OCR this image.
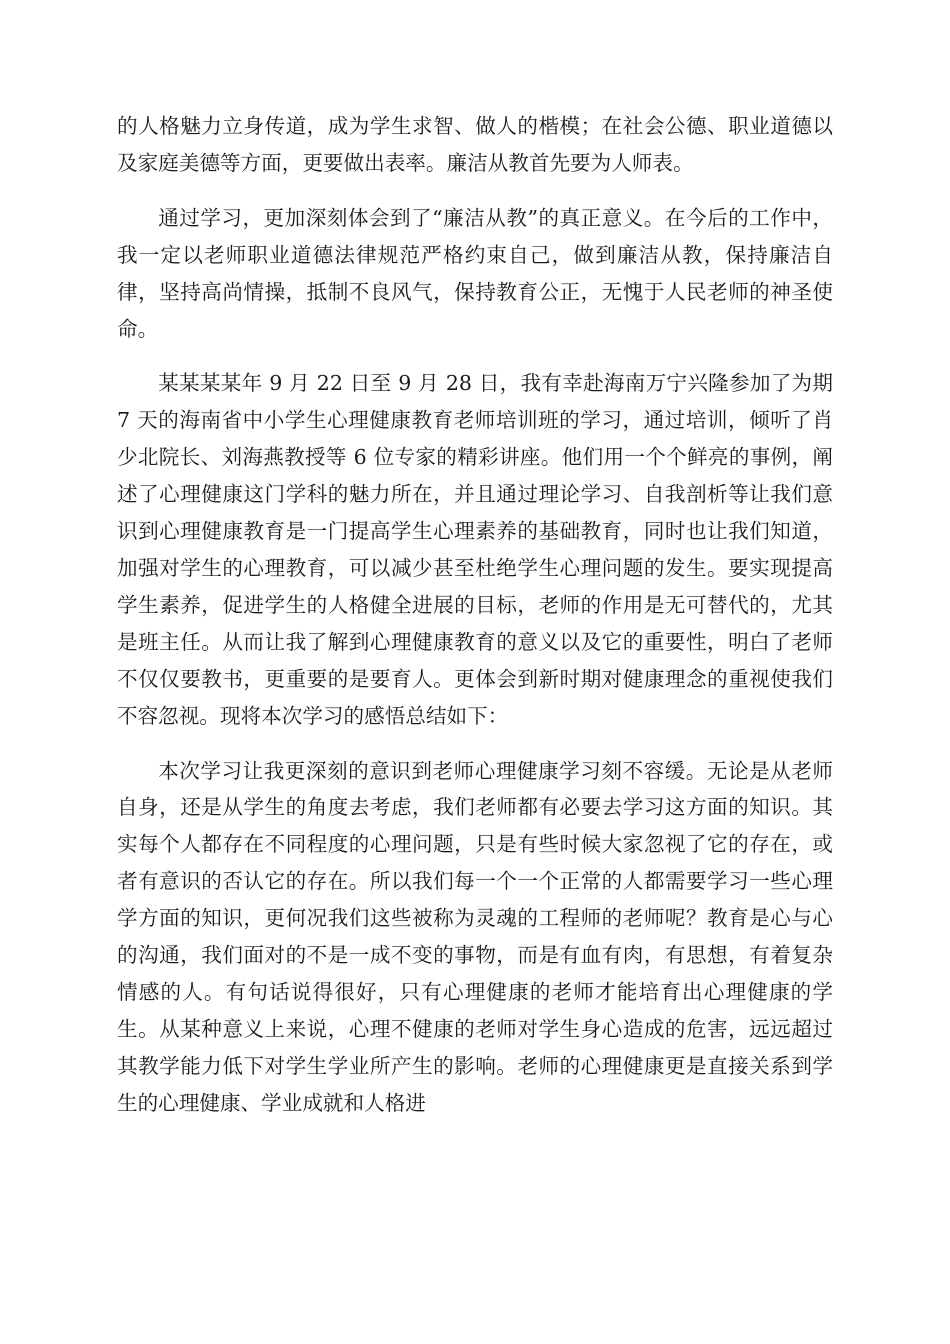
的人格魅力立身传道，成为学生求智、做人的楷模；在社会公德、职业道德以及家庭美德等方面，更要做出表率。廉洁从教首先要为人师表。

通过学习，更加深刻体会到了“廉洁从教”的真正意义。在今后的工作中，我一定以老师职业道德法律规范严格约束自己，做到廉洁从教，保持廉洁自律，坚持高尚情操，抵制不良风气，保持教育公正，无愧于人民老师的神圣使命。

某某某某年 9 月 22 日至 9 月 28 日，我有幸赴海南万宁兴隆参加了为期 7 天的海南省中小学生心理健康教育老师培训班的学习，通过培训，倾听了肖少北院长、刘海燕教授等 6 位专家的精彩讲座。他们用一个个鲜亮的事例，阐述了心理健康这门学科的魅力所在，并且通过理论学习、自我剖析等让我们意识到心理健康教育是一门提高学生心理素养的基础教育，同时也让我们知道，加强对学生的心理教育，可以减少甚至杜绝学生心理问题的发生。要实现提高学生素养，促进学生的人格健全进展的目标，老师的作用是无可替代的，尤其是班主任。从而让我了解到心理健康教育的意义以及它的重要性，明白了老师不仅仅要教书，更重要的是要育人。更体会到新时期对健康理念的重视使我们不容忽视。现将本次学习的感悟总结如下：

本次学习让我更深刻的意识到老师心理健康学习刻不容缓。无论是从老师自身，还是从学生的角度去考虑，我们老师都有必要去学习这方面的知识。其实每个人都存在不同程度的心理问题，只是有些时候大家忽视了它的存在，或者有意识的否认它的存在。所以我们每一个一个正常的人都需要学习一些心理学方面的知识，更何况我们这些被称为灵魂的工程师的老师呢？教育是心与心的沟通，我们面对的不是一成不变的事物，而是有血有肉，有思想，有着复杂情感的人。有句话说得很好，只有心理健康的老师才能培育出心理健康的学生。从某种意义上来说，心理不健康的老师对学生身心造成的危害，远远超过其教学能力低下对学生学业所产生的影响。老师的心理健康更是直接关系到学生的心理健康、学业成就和人格进
